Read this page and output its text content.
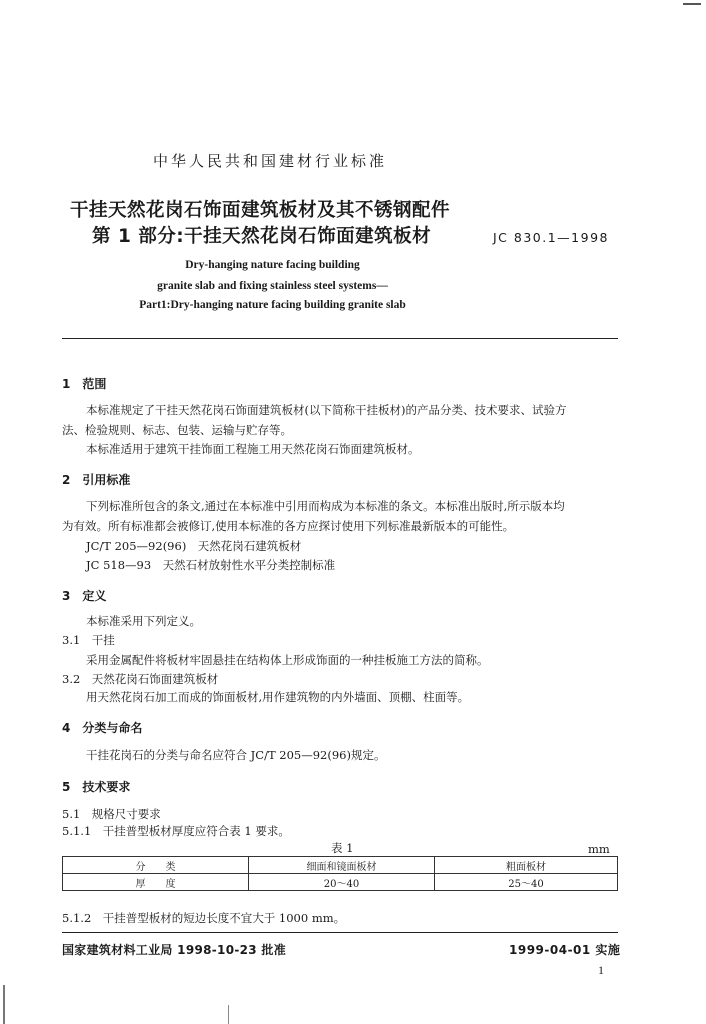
中华人民共和国建材行业标准
干挂天然花岗石饰面建筑板材及其不锈钢配件
第 1 部分:干挂天然花岗石饰面建筑板材	JC 830.1—1998
Dry-hanging nature facing building
granite slab and fixing stainless steel systems—
Part1:Dry-hanging nature facing building granite slab
1　范围
本标准规定了干挂天然花岗石饰面建筑板材(以下简称干挂板材)的产品分类、技术要求、试验方
法、检验规则、标志、包装、运输与贮存等。
本标准适用于建筑干挂饰面工程施工用天然花岗石饰面建筑板材。
2　引用标准
下列标准所包含的条文,通过在本标准中引用而构成为本标准的条文。本标准出版时,所示版本均
为有效。所有标准都会被修订,使用本标准的各方应探讨使用下列标准最新版本的可能性。
JC/T 205—92(96)　天然花岗石建筑板材
JC 518—93　天然石材放射性水平分类控制标准
3　定义
本标准采用下列定义。
3.1　干挂
采用金属配件将板材牢固悬挂在结构体上形成饰面的一种挂板施工方法的简称。
3.2　天然花岗石饰面建筑板材
用天然花岗石加工而成的饰面板材,用作建筑物的内外墙面、顶棚、柱面等。
4　分类与命名
干挂花岗石的分类与命名应符合 JC/T 205—92(96)规定。
5　技术要求
5.1　规格尺寸要求
5.1.1　干挂普型板材厚度应符合表 1 要求。
表 1	mm
分　　类	细面和镜面板材	粗面板材
厚　　度	20～40	25～40
5.1.2　干挂普型板材的短边长度不宜大于 1000 mm。
国家建筑材料工业局 1998-10-23 批准	1999-04-01 实施
1
